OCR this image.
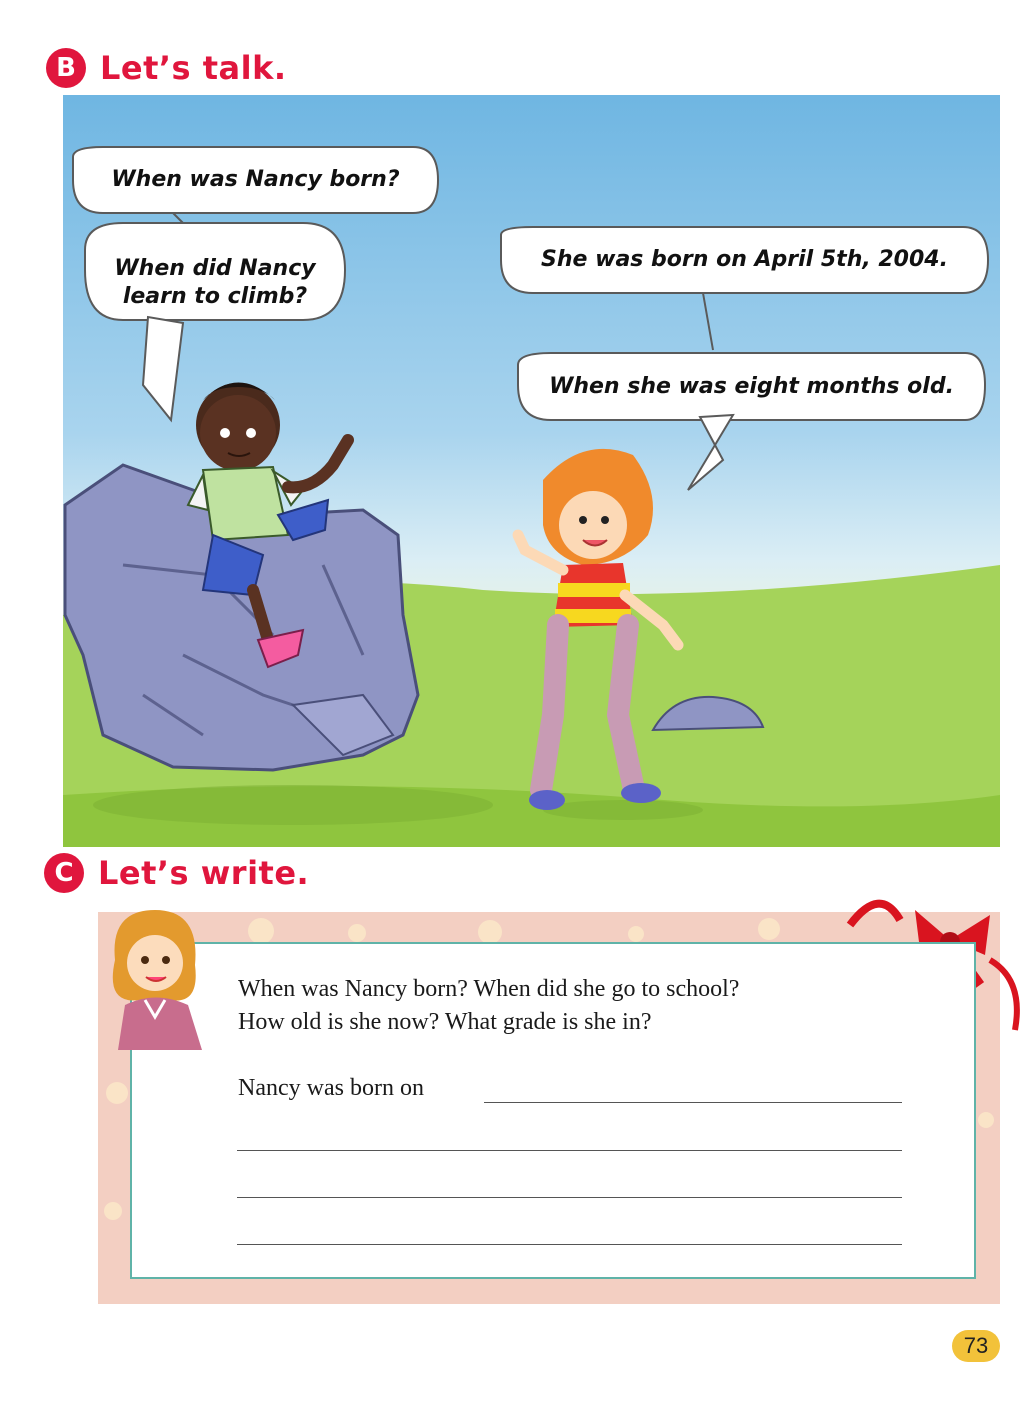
B Let’s talk.
When was Nancy born?
When did Nancy
learn to climb?
She was born on April 5th, 2004.
When she was eight months old.
C Let’s write.
When was Nancy born? When did she go to school?
How old is she now? What grade is she in?
Nancy was born on
73
